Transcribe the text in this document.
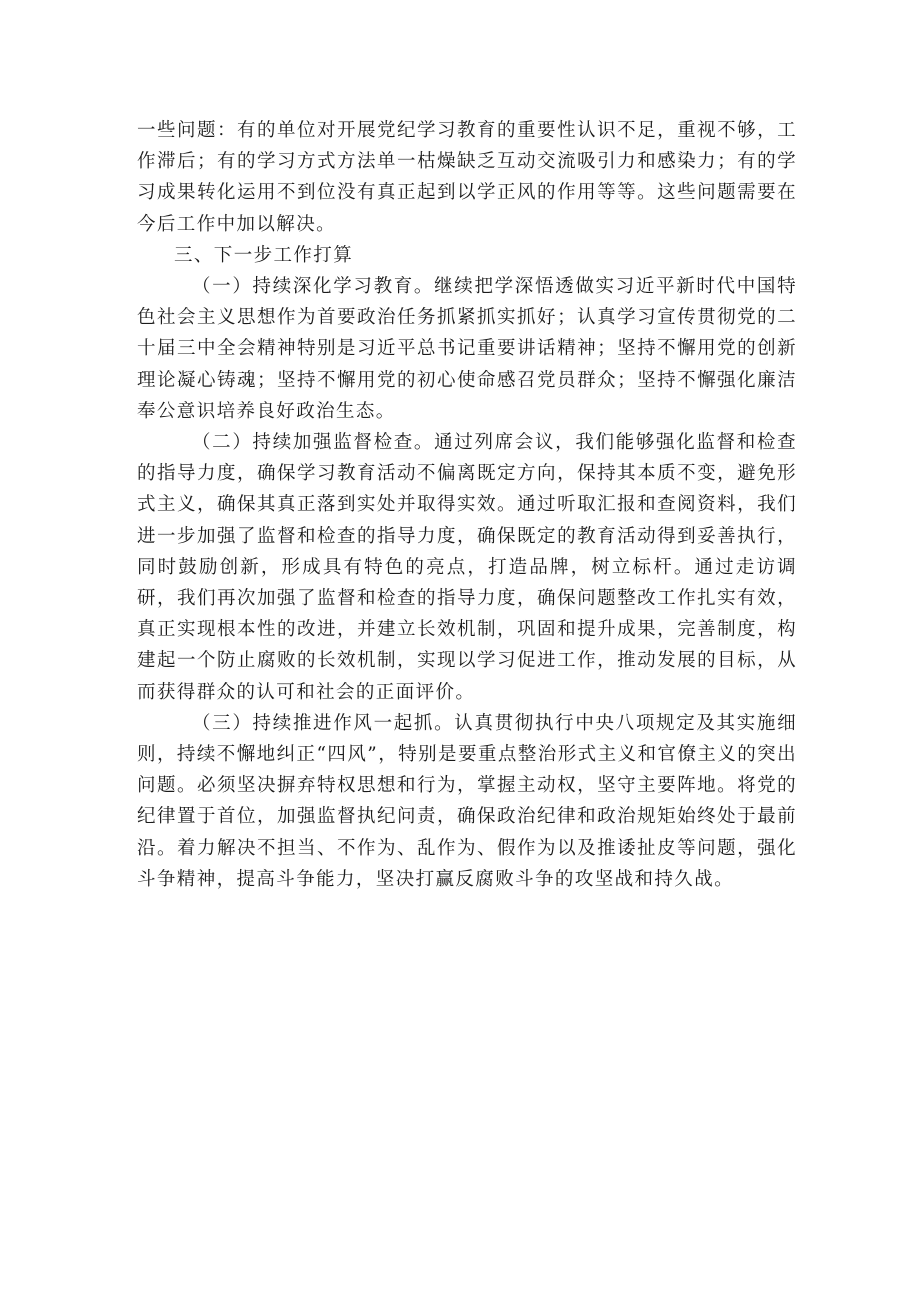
一些问题：有的单位对开展党纪学习教育的重要性认识不足，重视不够，工作滞后；有的学习方式方法单一枯燥缺乏互动交流吸引力和感染力；有的学习成果转化运用不到位没有真正起到以学正风的作用等等。这些问题需要在今后工作中加以解决。

三、下一步工作打算

（一）持续深化学习教育。继续把学深悟透做实习近平新时代中国特色社会主义思想作为首要政治任务抓紧抓实抓好；认真学习宣传贯彻党的二十届三中全会精神特别是习近平总书记重要讲话精神；坚持不懈用党的创新理论凝心铸魂；坚持不懈用党的初心使命感召党员群众；坚持不懈强化廉洁奉公意识培养良好政治生态。

（二）持续加强监督检查。通过列席会议，我们能够强化监督和检查的指导力度，确保学习教育活动不偏离既定方向，保持其本质不变，避免形式主义，确保其真正落到实处并取得实效。通过听取汇报和查阅资料，我们进一步加强了监督和检查的指导力度，确保既定的教育活动得到妥善执行，同时鼓励创新，形成具有特色的亮点，打造品牌，树立标杆。通过走访调研，我们再次加强了监督和检查的指导力度，确保问题整改工作扎实有效，真正实现根本性的改进，并建立长效机制，巩固和提升成果，完善制度，构建起一个防止腐败的长效机制，实现以学习促进工作，推动发展的目标，从而获得群众的认可和社会的正面评价。

（三）持续推进作风一起抓。认真贯彻执行中央八项规定及其实施细则，持续不懈地纠正“四风”，特别是要重点整治形式主义和官僚主义的突出问题。必须坚决摒弃特权思想和行为，掌握主动权，坚守主要阵地。将党的纪律置于首位，加强监督执纪问责，确保政治纪律和政治规矩始终处于最前沿。着力解决不担当、不作为、乱作为、假作为以及推诿扯皮等问题，强化斗争精神，提高斗争能力，坚决打赢反腐败斗争的攻坚战和持久战。
